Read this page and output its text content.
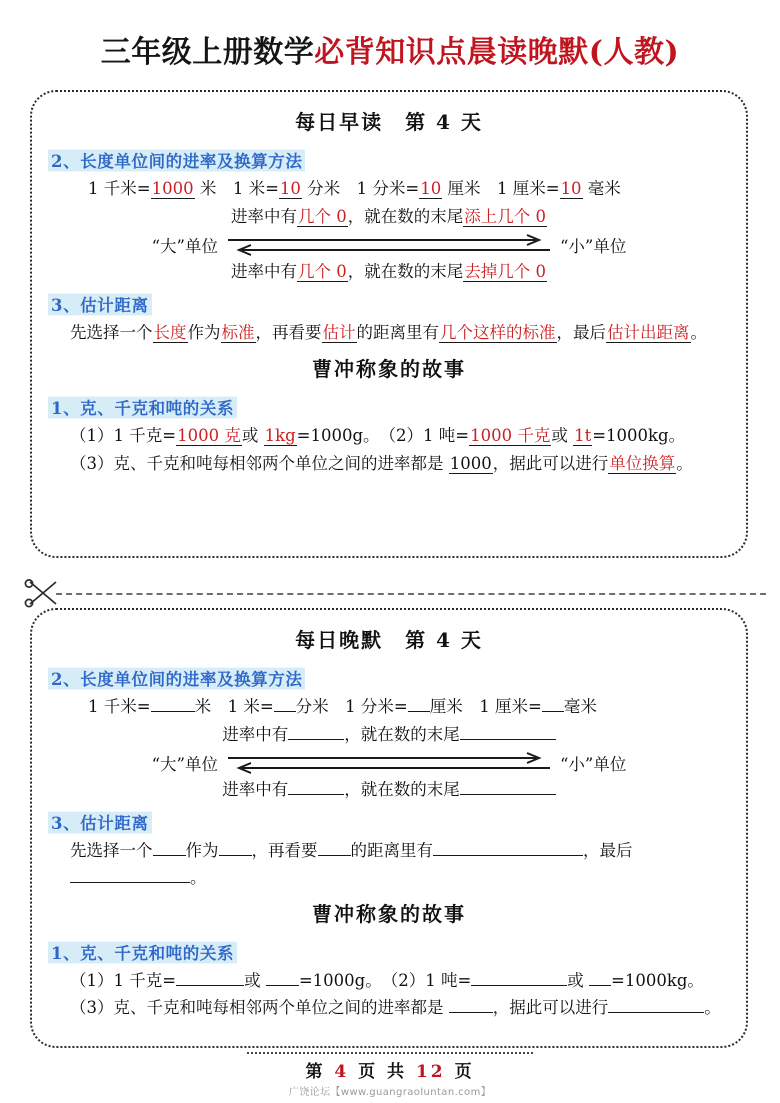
三年级上册数学必背知识点晨读晚默(人教)
每日早读　第 4 天
2、长度单位间的进率及换算方法
1 千米=1000 米　1 米=10 分米　1 分米=10 厘米　1 厘米=10 毫米
进率中有几个 0，就在数的末尾添上几个 0
“大”单位	“小”单位
进率中有几个 0，就在数的末尾去掉几个 0
3、估计距离
先选择一个长度作为标准，再看要估计的距离里有几个这样的标准，最后估计出距离。
曹冲称象的故事
1、克、千克和吨的关系
（1）1 千克=1000 克或 1kg=1000g。　（2）1 吨=1000 千克或 1t=1000kg。
（3）克、千克和吨每相邻两个单位之间的进率都是 1000，据此可以进行单位换算。
每日晚默　第 4 天
2、长度单位间的进率及换算方法
1 千米=	米　1 米= 分米　1 分米= 厘米　1 厘米= 毫米
进率中有	，就在数的末尾
“大”单位	“小”单位
进率中有	，就在数的末尾
3、估计距离
先选择一个 作为 ，再看要 的距离里有	，最后。
曹冲称象的故事
1、克、千克和吨的关系
（1）1 千克=	或 =1000g。　（2）1 吨=	或 =1000kg。
（3）克、千克和吨每相邻两个单位之间的进率都是	，据此可以进行	。
第 4 页 共 12 页
广饶论坛【www.guangraoluntan.com】
